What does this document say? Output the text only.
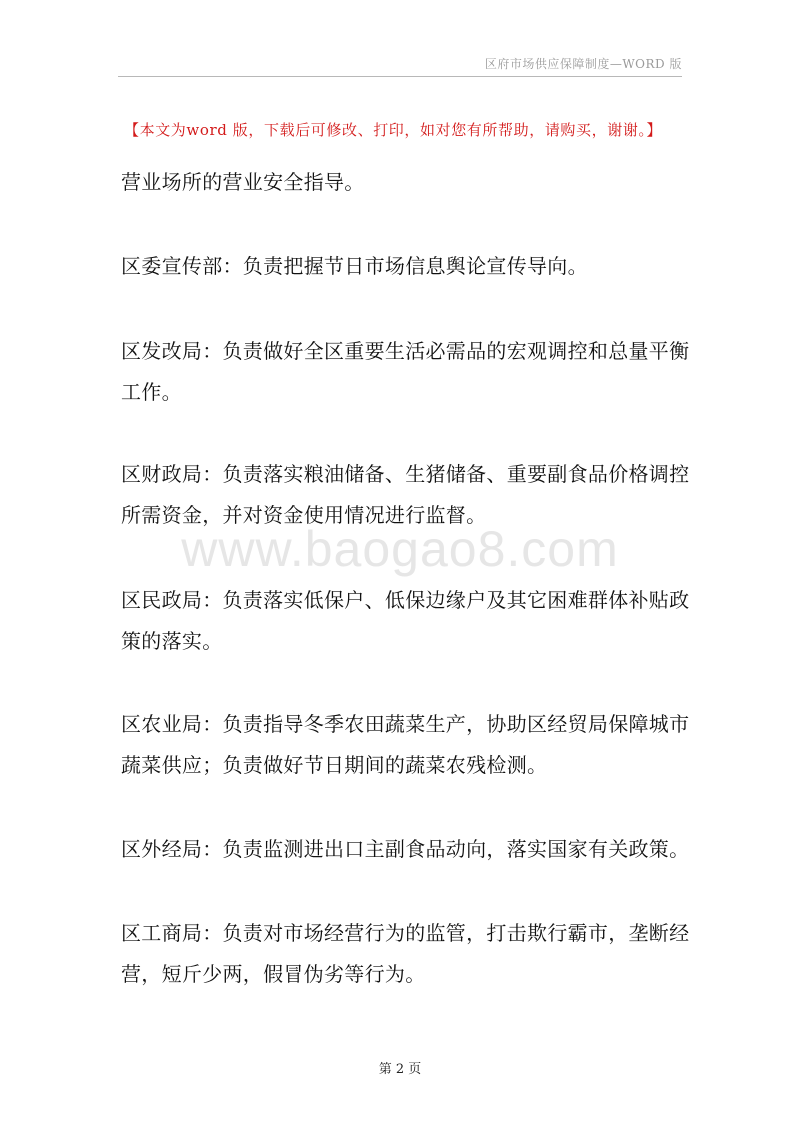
www.baogao8.com
区府市场供应保障制度—WORD 版
【本文为word 版，下载后可修改、打印，如对您有所帮助，请购买，谢谢。】
营业场所的营业安全指导。
区委宣传部：负责把握节日市场信息舆论宣传导向。
区发改局：负责做好全区重要生活必需品的宏观调控和总量平衡工作。
区财政局：负责落实粮油储备、生猪储备、重要副食品价格调控所需资金，并对资金使用情况进行监督。
区民政局：负责落实低保户、低保边缘户及其它困难群体补贴政策的落实。
区农业局：负责指导冬季农田蔬菜生产，协助区经贸局保障城市蔬菜供应；负责做好节日期间的蔬菜农残检测。
区外经局：负责监测进出口主副食品动向，落实国家有关政策。
区工商局：负责对市场经营行为的监管，打击欺行霸市，垄断经营，短斤少两，假冒伪劣等行为。
第 2 页
